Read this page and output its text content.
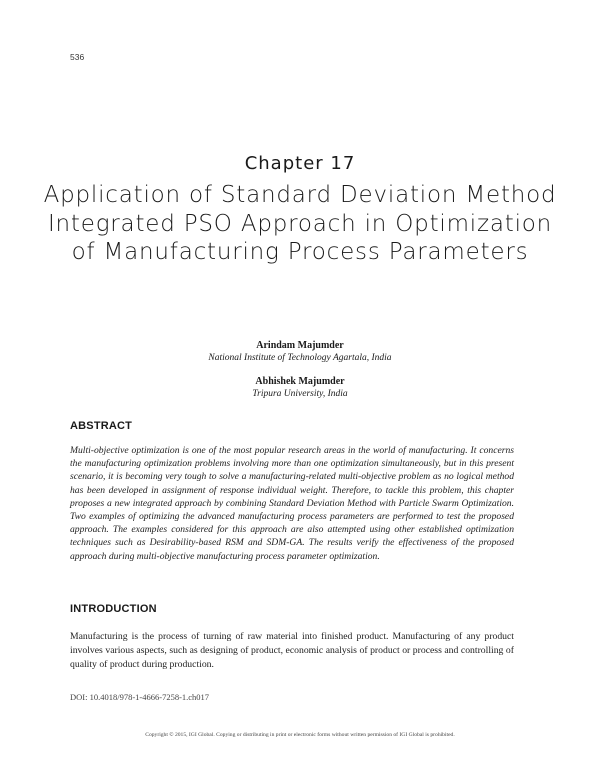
536
Chapter 17
Application of Standard Deviation Method Integrated PSO Approach in Optimization of Manufacturing Process Parameters
Arindam Majumder
National Institute of Technology Agartala, India
Abhishek Majumder
Tripura University, India
ABSTRACT
Multi-objective optimization is one of the most popular research areas in the world of manufacturing. It concerns the manufacturing optimization problems involving more than one optimization simultaneously, but in this present scenario, it is becoming very tough to solve a manufacturing-related multi-objective problem as no logical method has been developed in assignment of response individual weight. Therefore, to tackle this problem, this chapter proposes a new integrated approach by combining Standard Deviation Method with Particle Swarm Optimization. Two examples of optimizing the advanced manufacturing process parameters are performed to test the proposed approach. The examples considered for this approach are also attempted using other established optimization techniques such as Desirability-based RSM and SDM-GA. The results verify the effectiveness of the proposed approach during multi-objective manufacturing process parameter optimization.
INTRODUCTION
Manufacturing is the process of turning of raw material into finished product. Manufacturing of any product involves various aspects, such as designing of product, economic analysis of product or process and controlling of quality of product during production.
DOI: 10.4018/978-1-4666-7258-1.ch017
Copyright © 2015, IGI Global. Copying or distributing in print or electronic forms without written permission of IGI Global is prohibited.
